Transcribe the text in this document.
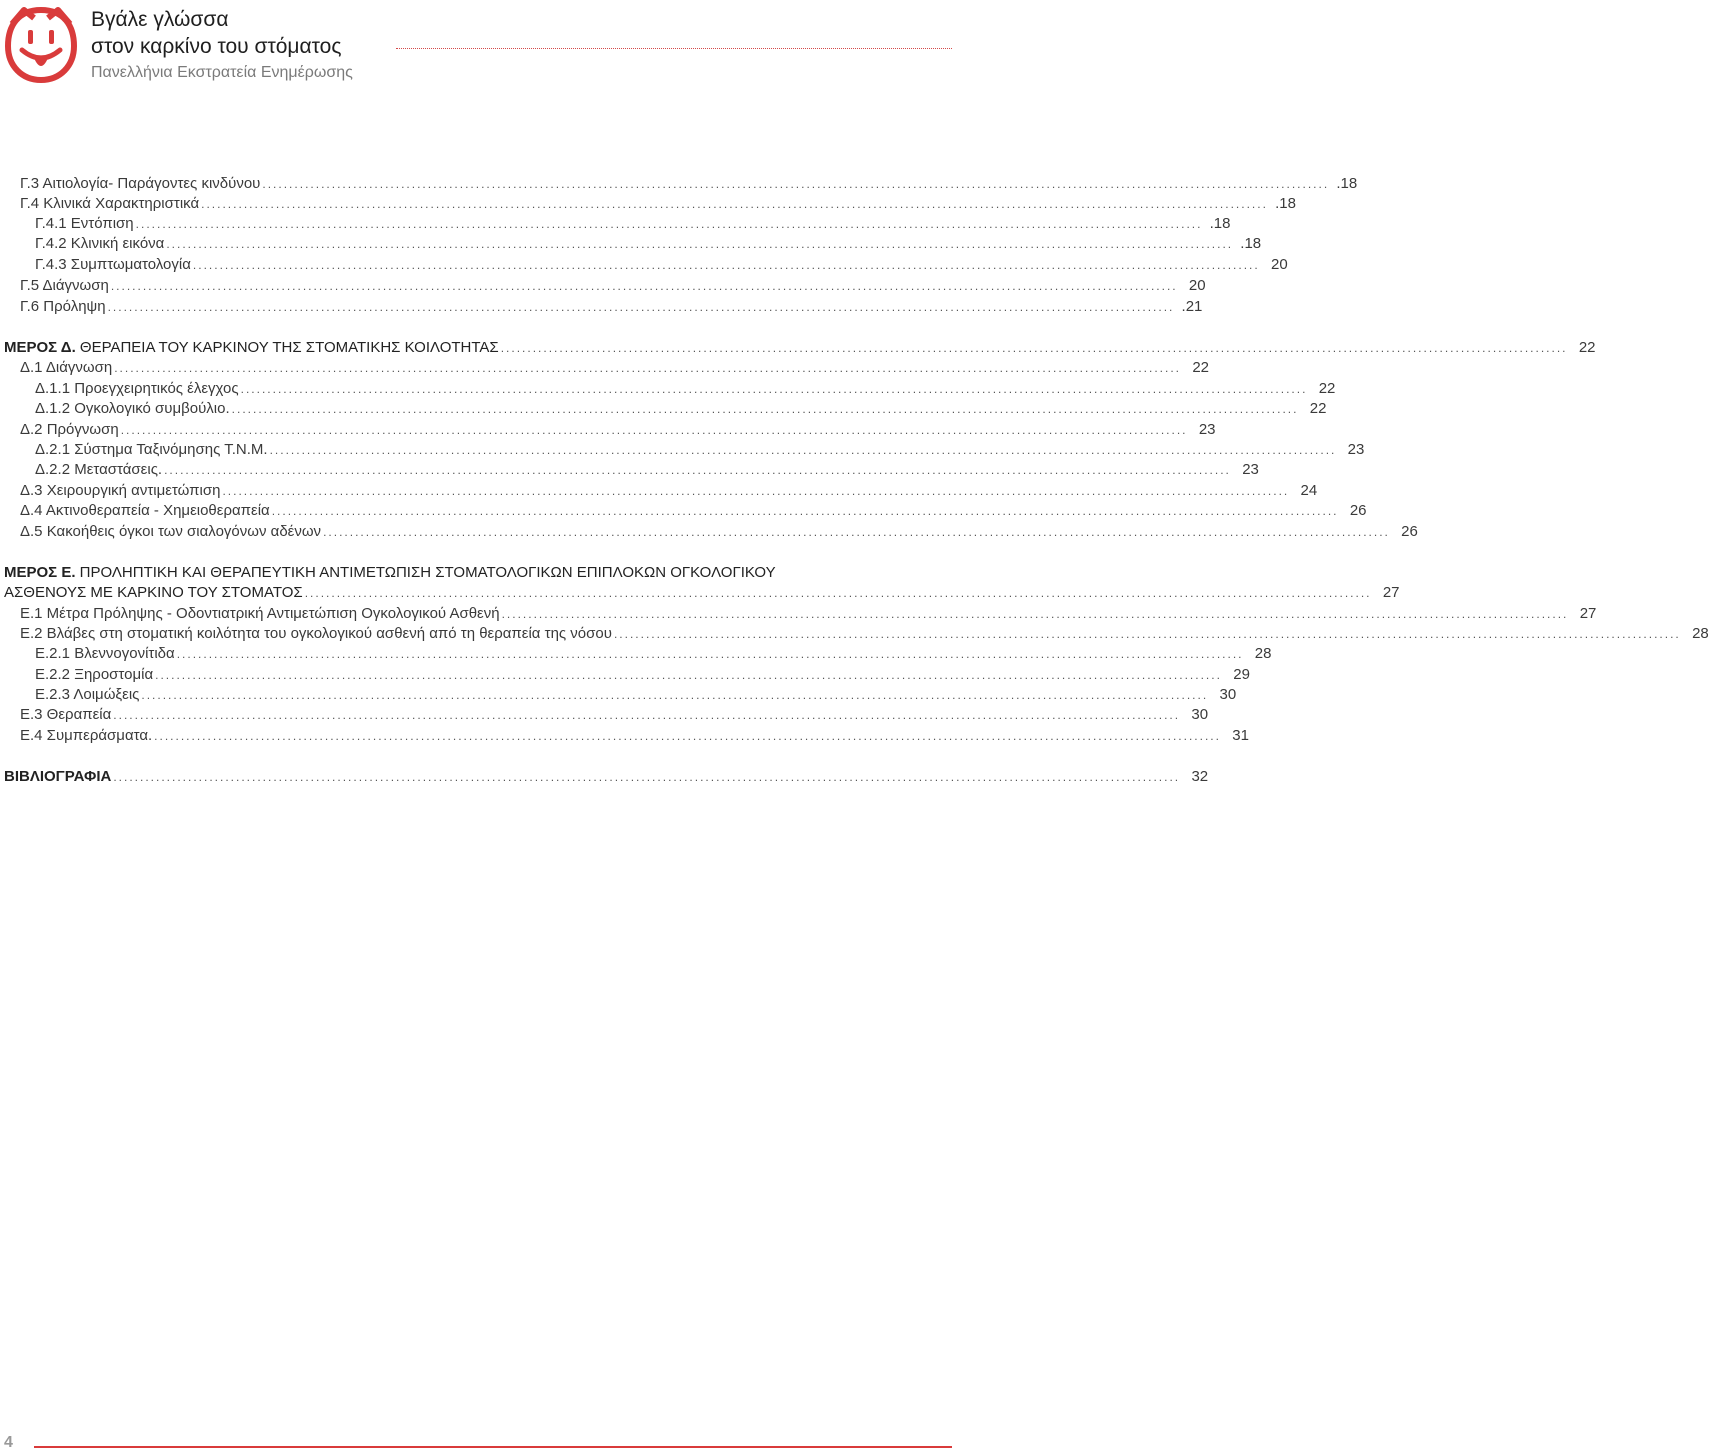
Βγάλε γλώσσα
στον καρκίνο του στόματος
Πανελλήνια Εκστρατεία Ενημέρωσης
Γ.3 Αιτιολογία- Παράγοντες κινδύνου ........................................................................................................................................................................................................ .18
Γ.4 Κλινικά Χαρακτηριστικά ........................................................................................................................................................................................................ .18
Γ.4.1 Εντόπιση ........................................................................................................................................................................................................ .18
Γ.4.2 Κλινική εικόνα ........................................................................................................................................................................................................ .18
Γ.4.3 Συμπτωματολογία ........................................................................................................................................................................................................ 20
Γ.5 Διάγνωση ........................................................................................................................................................................................................ 20
Γ.6 Πρόληψη ........................................................................................................................................................................................................ .21
ΜΕΡΟΣ Δ. ΘΕΡΑΠΕΙΑ ΤΟΥ ΚΑΡΚΙΝΟΥ ΤΗΣ ΣΤΟΜΑΤΙΚΗΣ ΚΟΙΛΟΤΗΤΑΣ ........................................................................................................................................................................................................ 22
Δ.1 Διάγνωση ........................................................................................................................................................................................................ 22
Δ.1.1 Προεγχειρητικός έλεγχος ........................................................................................................................................................................................................ 22
Δ.1.2 Ογκολογικό συμβούλιο. ........................................................................................................................................................................................................ 22
Δ.2 Πρόγνωση ........................................................................................................................................................................................................ 23
Δ.2.1 Σύστημα Ταξινόμησης Τ.Ν.Μ. ........................................................................................................................................................................................................ 23
Δ.2.2 Μεταστάσεις. ........................................................................................................................................................................................................ 23
Δ.3 Χειρουργική αντιμετώπιση ........................................................................................................................................................................................................ 24
Δ.4 Ακτινοθεραπεία - Χημειοθεραπεία ........................................................................................................................................................................................................ 26
Δ.5 Κακοήθεις όγκοι των σιαλογόνων αδένων ........................................................................................................................................................................................................ 26
ΜΕΡΟΣ Ε. ΠΡΟΛΗΠΤΙΚΗ ΚΑΙ ΘΕΡΑΠΕΥΤΙΚΗ ΑΝΤΙΜΕΤΩΠΙΣΗ ΣΤΟΜΑΤΟΛΟΓΙΚΩΝ ΕΠΙΠΛΟΚΩΝ ΟΓΚΟΛΟΓΙΚΟΥ
ΑΣΘΕΝΟΥΣ ΜΕ ΚΑΡΚΙΝΟ ΤΟΥ ΣΤΟΜΑΤΟΣ ........................................................................................................................................................................................................ 27
Ε.1 Μέτρα Πρόληψης - Οδοντιατρική Αντιμετώπιση Ογκολογικού Ασθενή ........................................................................................................................................................................................................ 27
Ε.2 Βλάβες στη στοματική κοιλότητα του ογκολογικού ασθενή από τη θεραπεία της νόσου ........................................................................................................................................................................................................ 28
Ε.2.1 Βλεννογονίτιδα ........................................................................................................................................................................................................ 28
Ε.2.2 Ξηροστομία ........................................................................................................................................................................................................ 29
Ε.2.3 Λοιμώξεις ........................................................................................................................................................................................................ 30
Ε.3 Θεραπεία ........................................................................................................................................................................................................ 30
Ε.4 Συμπεράσματα. ........................................................................................................................................................................................................ 31
ΒΙΒΛΙΟΓΡΑΦΙΑ ........................................................................................................................................................................................................ 32
4
